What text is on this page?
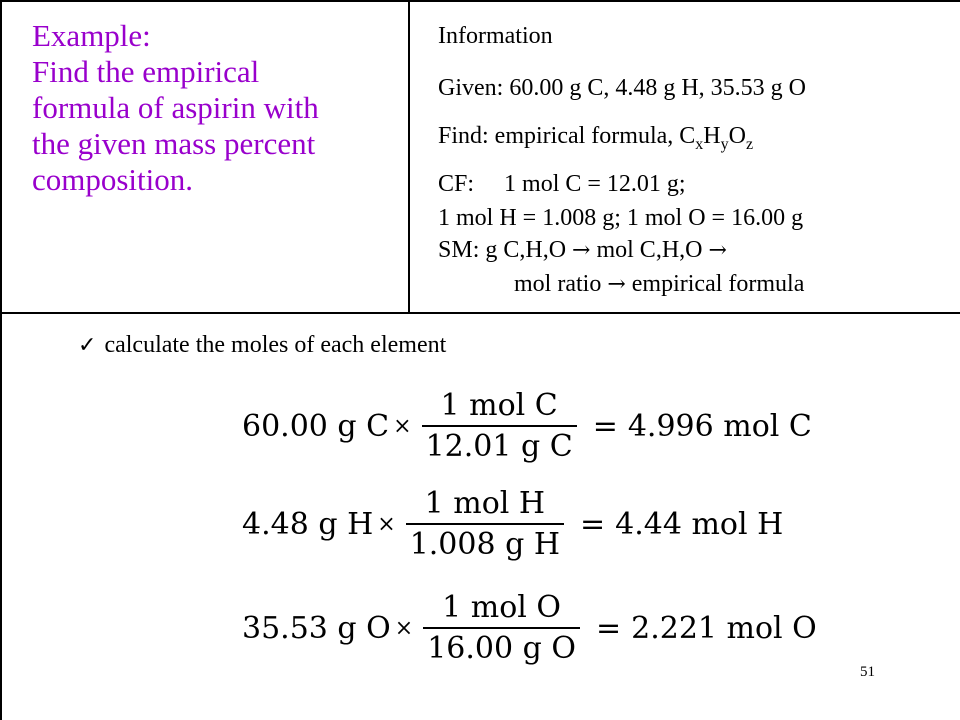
Example:
Find the empirical
formula of aspirin with
the given mass percent
composition.
Information
Given: 60.00 g C, 4.48 g H, 35.53 g O
Find: empirical formula, $C_xH_yO_z$
CF: 1 mol C = 12.01 g;
1 mol H = 1.008 g; 1 mol O = 16.00 g
SM: g C,H,O → mol C,H,O →
mol ratio → empirical formula
✓ calculate the moles of each element
60.00 g $C \times \frac{\text{1 mol C}}{\text{12.01 g C}} = 4.996$ mol C
4.48 g $H \times \frac{\text{1 mol H}}{\text{1.008 g H}} = 4.44$ mol H
35.53 g $O \times \frac{\text{1 mol O}}{\text{16.00 g O}} = 2.221$ mol O
51
